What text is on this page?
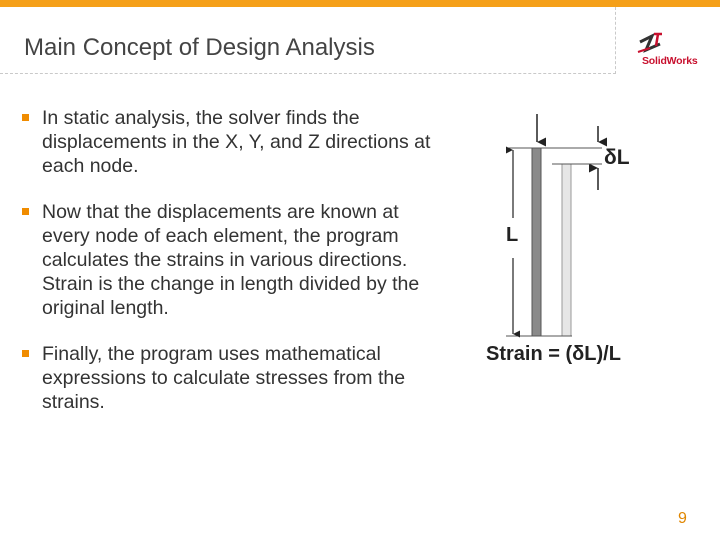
Main Concept of Design Analysis	SolidWorks
In static analysis, the solver finds the displacements in the X, Y, and Z directions at each node.
Now that the displacements are known at every node of each element, the program calculates the strains in various directions. Strain is the change in length divided by the original length.
Finally, the program uses mathematical expressions to calculate stresses from the strains.
δL
L
Strain = (δL)/L
9
